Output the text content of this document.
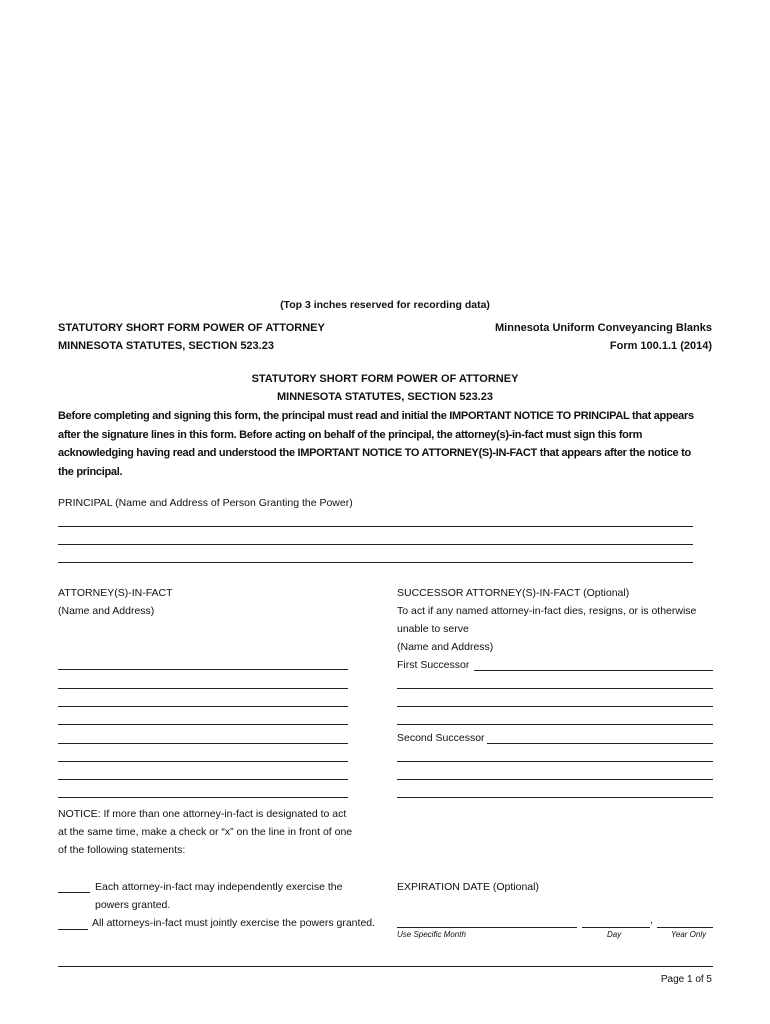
(Top 3 inches reserved for recording data)
STATUTORY SHORT FORM POWER OF ATTORNEY
MINNESOTA STATUTES, SECTION 523.23
Minnesota Uniform Conveyancing Blanks
Form 100.1.1 (2014)
STATUTORY SHORT FORM POWER OF ATTORNEY
MINNESOTA STATUTES, SECTION 523.23
Before completing and signing this form, the principal must read and initial the IMPORTANT NOTICE TO PRINCIPAL that appears
after the signature lines in this form. Before acting on behalf of the principal, the attorney(s)-in-fact must sign this form
acknowledging having read and understood the IMPORTANT NOTICE TO ATTORNEY(S)-IN-FACT that appears after the notice to
the principal.
PRINCIPAL (Name and Address of Person Granting the Power)
ATTORNEY(S)-IN-FACT
(Name and Address)
SUCCESSOR ATTORNEY(S)-IN-FACT (Optional)
To act if any named attorney-in-fact dies, resigns, or is otherwise
unable to serve
(Name and Address)
First Successor
Second Successor
NOTICE: If more than one attorney-in-fact is designated to act
at the same time, make a check or “x” on the line in front of one
of the following statements:
Each attorney-in-fact may independently exercise the
powers granted.
All attorneys-in-fact must jointly exercise the powers granted.
EXPIRATION DATE (Optional)
,
Use Specific Month	Day	Year Only
Page 1 of 5
